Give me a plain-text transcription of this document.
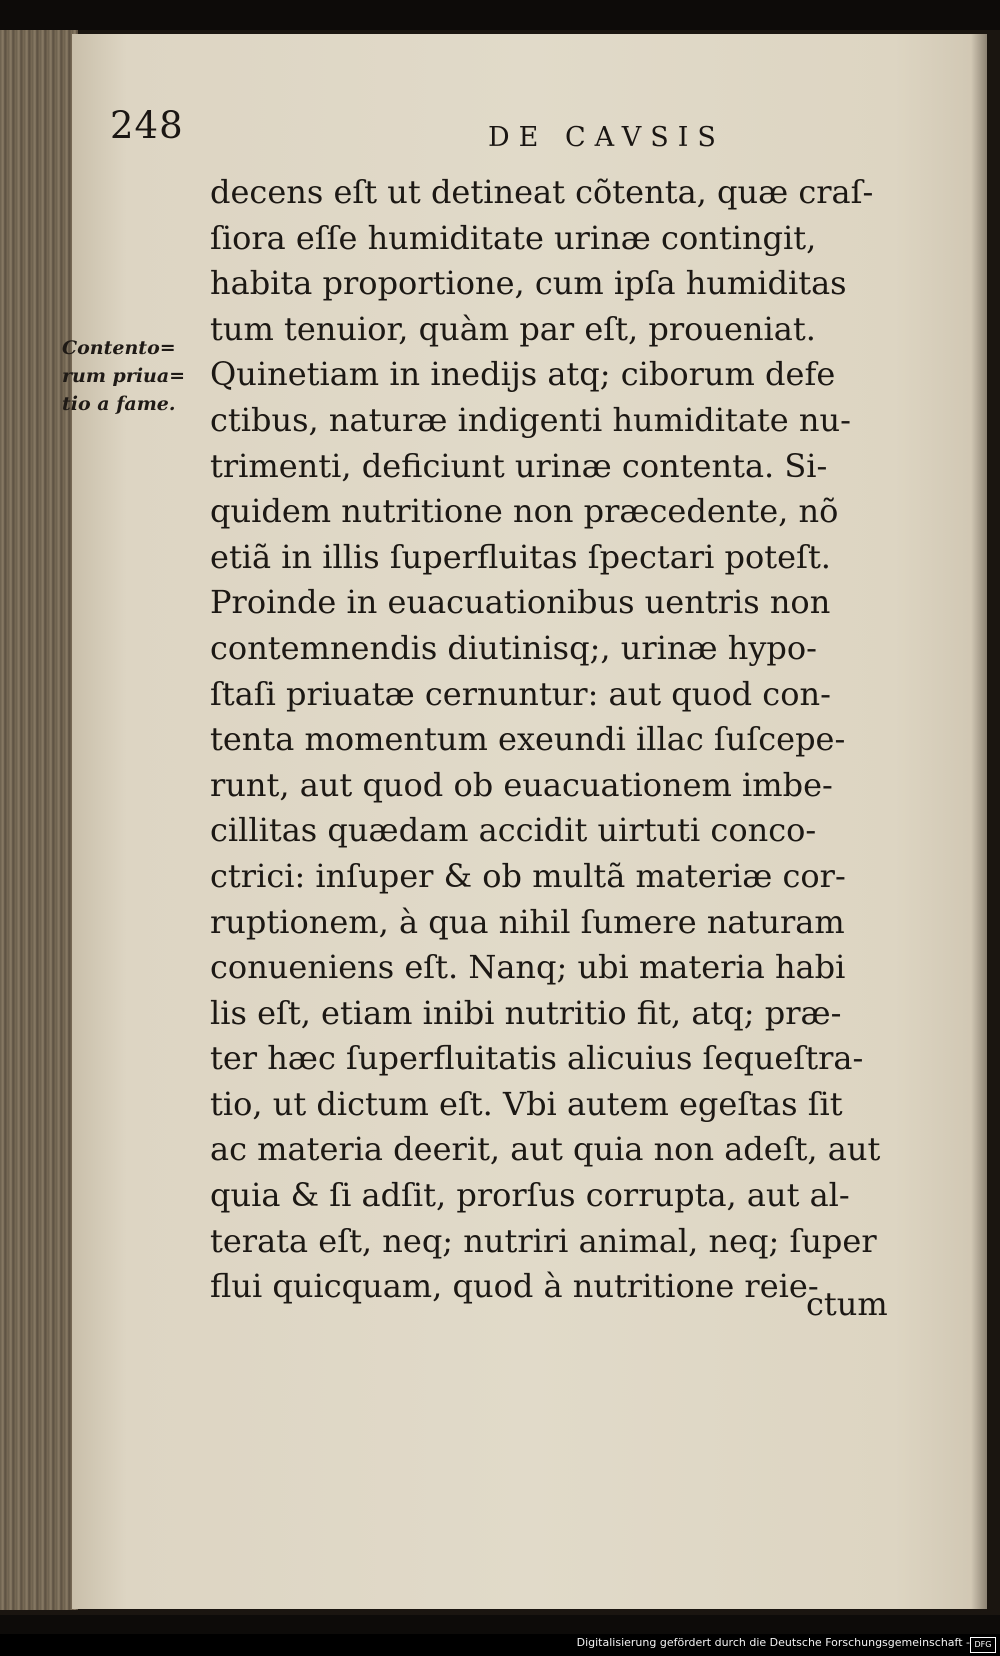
248	DE CAVSIS
Contento=
rum priua=
tio a fame.
decens eſt ut detineat cõtenta, quæ craſ-
ſiora eſſe humiditate urinæ contingit,
habita proportione, cum ipſa humiditas
tum tenuior, quàm par eſt, proueniat.
Quinetiam in inedijs atq; ciborum defe
ctibus, naturæ indigenti humiditate nu-
trimenti, deficiunt urinæ contenta. Si-
quidem nutritione non præcedente, nõ
etiã in illis ſuperfluitas ſpectari poteſt.
Proinde in euacuationibus uentris non
contemnendis diutinisq;, urinæ hypo-
ſtaſi priuatæ cernuntur: aut quod con-
tenta momentum exeundi illac ſuſcepe-
runt, aut quod ob euacuationem imbe-
cillitas quædam accidit uirtuti conco-
ctrici: inſuper & ob multã materiæ cor-
ruptionem, à qua nihil ſumere naturam
conueniens eſt. Nanq; ubi materia habi
lis eſt, etiam inibi nutritio fit, atq; præ-
ter hæc ſuperfluitatis alicuius ſequeſtra-
tio, ut dictum eſt. Vbi autem egeſtas ſit
ac materia deerit, aut quia non adeſt, aut
quia & ſi adſit, prorſus corrupta, aut al-
terata eſt, neq; nutriri animal, neq; ſuper
flui quicquam, quod à nutritione reie-
ctum
Digitalisierung gefördert durch die Deutsche Forschungsgemeinschaft - DFG
